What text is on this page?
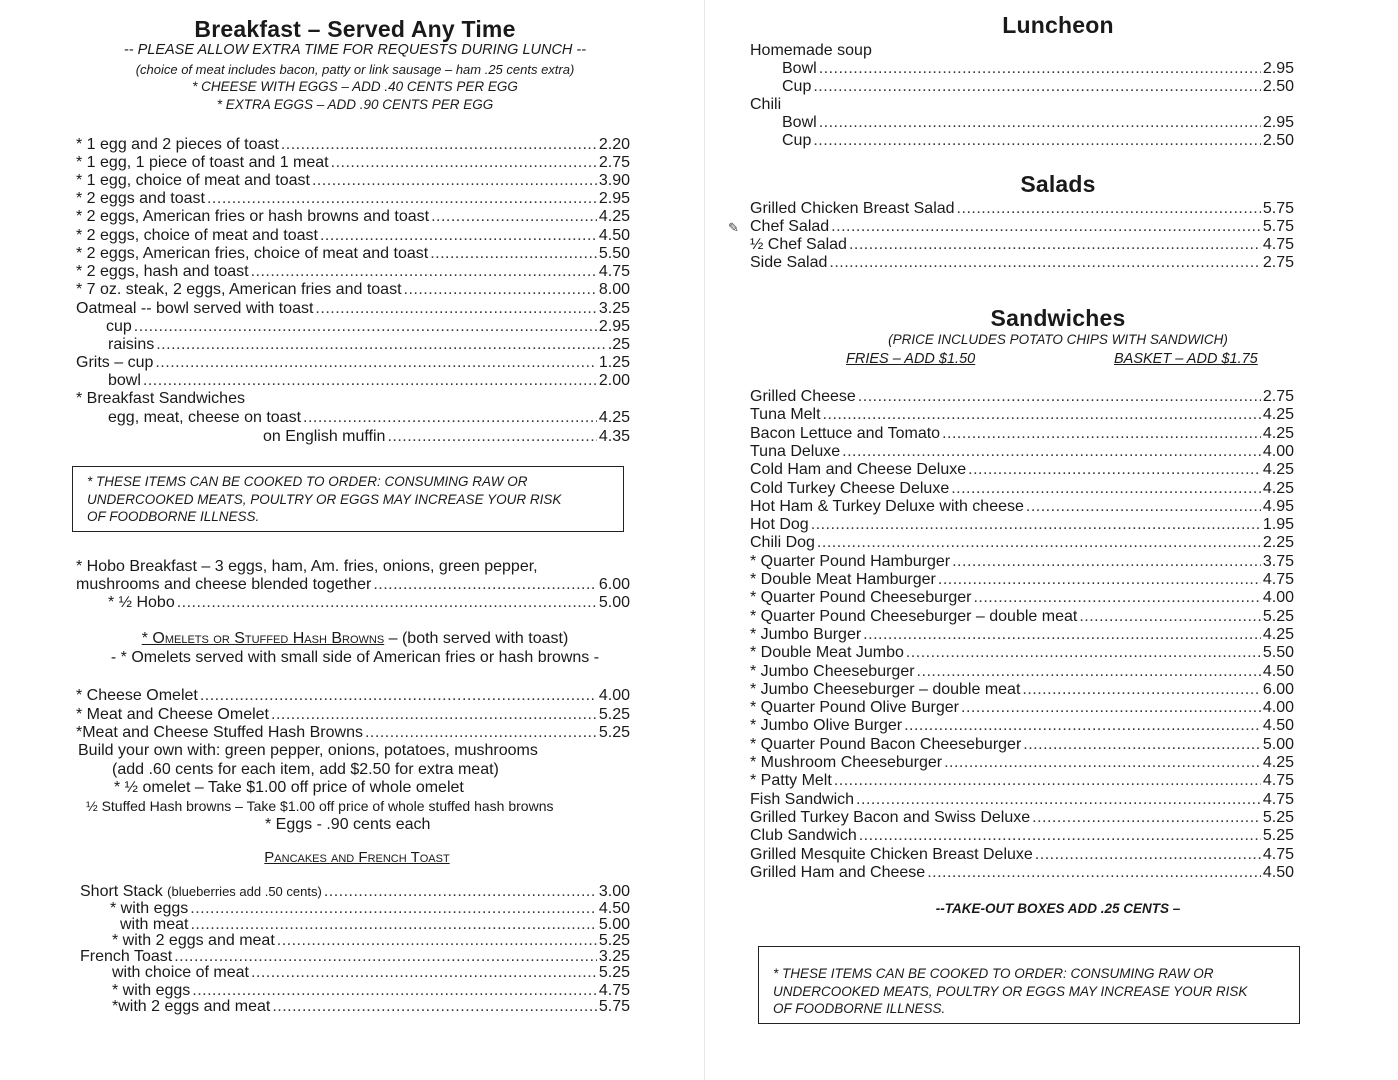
Breakfast – Served Any Time
-- PLEASE ALLOW EXTRA TIME FOR REQUESTS DURING LUNCH --
(choice of meat includes bacon, patty or link sausage – ham .25 cents extra)
* CHEESE WITH EGGS – ADD .40 CENTS PER EGG
* EXTRA EGGS – ADD .90 CENTS PER EGG
* 1 egg and 2 pieces of toast .....	2.20
* 1 egg, 1 piece of toast and 1 meat .....	2.75
* 1 egg, choice of meat and toast .....	3.90
* 2 eggs and toast .....	2.95
* 2 eggs, American fries or hash browns and toast .....	4.25
* 2 eggs, choice of meat and toast .....	4.50
* 2 eggs, American fries, choice of meat and toast .....	5.50
* 2 eggs, hash and toast .....	4.75
* 7 oz. steak, 2 eggs, American fries and toast .....	8.00
Oatmeal -- bowl served with toast .....	3.25
cup .....	2.95
raisins .....	.25
Grits – cup .....	1.25
bowl .....	2.00
* Breakfast Sandwiches
egg, meat, cheese on toast .....	4.25
on English muffin .....	4.35
* THESE ITEMS CAN BE COOKED TO ORDER: CONSUMING RAW OR
UNDERCOOKED MEATS, POULTRY OR EGGS MAY INCREASE YOUR RISK
OF FOODBORNE ILLNESS.
* Hobo Breakfast – 3 eggs, ham, Am. fries, onions, green pepper,
mushrooms and cheese blended together .....	6.00
* ½ Hobo .....	5.00
* Omelets or Stuffed Hash Browns – (both served with toast)
- * Omelets served with small side of American fries or hash browns -
* Cheese Omelet .....	4.00
* Meat and Cheese Omelet .....	5.25
*Meat and Cheese Stuffed Hash Browns .....	5.25
Build your own with: green pepper, onions, potatoes, mushrooms
(add .60 cents for each item, add $2.50 for extra meat)
* ½ omelet – Take $1.00 off price of whole omelet
½ Stuffed Hash browns – Take $1.00 off price of whole stuffed hash browns
* Eggs - .90 cents each
Pancakes and French Toast
Short Stack (blueberries add .50 cents) .....	3.00
* with eggs .....	4.50
with meat .....	5.00
* with 2 eggs and meat .....	5.25
French Toast .....	3.25
with choice of meat .....	5.25
* with eggs .....	4.75
*with 2 eggs and meat .....	5.75
Luncheon
Homemade soup
Bowl .....	2.95
Cup .....	2.50
Chili
Bowl .....	2.95
Cup .....	2.50
Salads
Grilled Chicken Breast Salad .....	5.75
Chef Salad .....	5.75
½ Chef Salad .....	4.75
Side Salad .....	2.75
✎
Sandwiches
(PRICE INCLUDES POTATO CHIPS WITH SANDWICH)
FRIES – ADD $1.50	BASKET – ADD $1.75
Grilled Cheese .....	2.75
Tuna Melt .....	4.25
Bacon Lettuce and Tomato .....	4.25
Tuna Deluxe .....	4.00
Cold Ham and Cheese Deluxe .....	4.25
Cold Turkey Cheese Deluxe .....	4.25
Hot Ham & Turkey Deluxe with cheese .....	4.95
Hot Dog .....	1.95
Chili Dog .....	2.25
* Quarter Pound Hamburger .....	3.75
* Double Meat Hamburger .....	4.75
* Quarter Pound Cheeseburger .....	4.00
* Quarter Pound Cheeseburger – double meat .....	5.25
* Jumbo Burger .....	4.25
* Double Meat Jumbo .....	5.50
* Jumbo Cheeseburger .....	4.50
* Jumbo Cheeseburger – double meat .....	6.00
* Quarter Pound Olive Burger .....	4.00
* Jumbo Olive Burger .....	4.50
* Quarter Pound Bacon Cheeseburger .....	5.00
* Mushroom Cheeseburger .....	4.25
* Patty Melt .....	4.75
Fish Sandwich .....	4.75
Grilled Turkey Bacon and Swiss Deluxe .....	5.25
Club Sandwich .....	5.25
Grilled Mesquite Chicken Breast Deluxe .....	4.75
Grilled Ham and Cheese .....	4.50
--TAKE-OUT BOXES ADD .25 CENTS –
* THESE ITEMS CAN BE COOKED TO ORDER: CONSUMING RAW OR
UNDERCOOKED MEATS, POULTRY OR EGGS MAY INCREASE YOUR RISK
OF FOODBORNE ILLNESS.
